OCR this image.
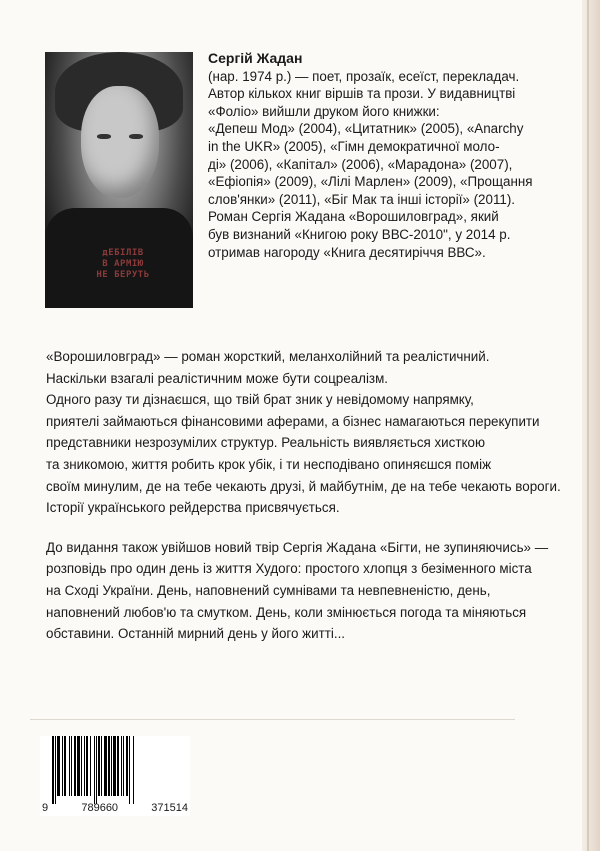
дЕБІЛІВ
В АРМІЮ
НЕ БЕРУТЬ
Сергій Жадан
(нар. 1974 р.) — поет, прозаїк, есеїст, перекладач.
Автор кількох книг віршів та прози. У видавництві
«Фоліо» вийшли друком його книжки:
«Депеш Мод» (2004), «Цитатник» (2005), «Anarchy
in the UKR» (2005), «Гімн демократичної моло-
ді» (2006), «Капітал» (2006), «Марадона» (2007),
«Ефіопія» (2009), «Лілі Марлен» (2009), «Прощання
слов'янки» (2011), «Біг Мак та інші історії» (2011).
Роман Сергія Жадана «Ворошиловград», який
був визнаний «Книгою року ВВС-2010", у 2014 р.
отримав нагороду «Книга десятиріччя ВВС».
«Ворошиловград» — роман жорсткий, меланхолійний та реалістичний.
Наскільки взагалі реалістичним може бути соцреалізм.
Одного разу ти дізнаєшся, що твій брат зник у невідомому напрямку,
приятелі займаються фінансовими аферами, а бізнес намагаються перекупити
представники незрозумілих структур. Реальність виявляється хисткою
та зникомою, життя робить крок убік, і ти несподівано опиняєшся поміж
своїм минулим, де на тебе чекають друзі, й майбутнім, де на тебе чекають вороги.
Історії українського рейдерства присвячується.
До видання також увійшов новий твір Сергія Жадана «Бігти, не зупиняючись» —
розповідь про один день із життя Худого: простого хлопця з безіменного міста
на Сході України. День, наповнений сумнівами та невпевненістю, день,
наповнений любов'ю та смутком. День, коли змінюється погода та міняються
обставини. Останній мирний день у його житті...
9	789660	371514
